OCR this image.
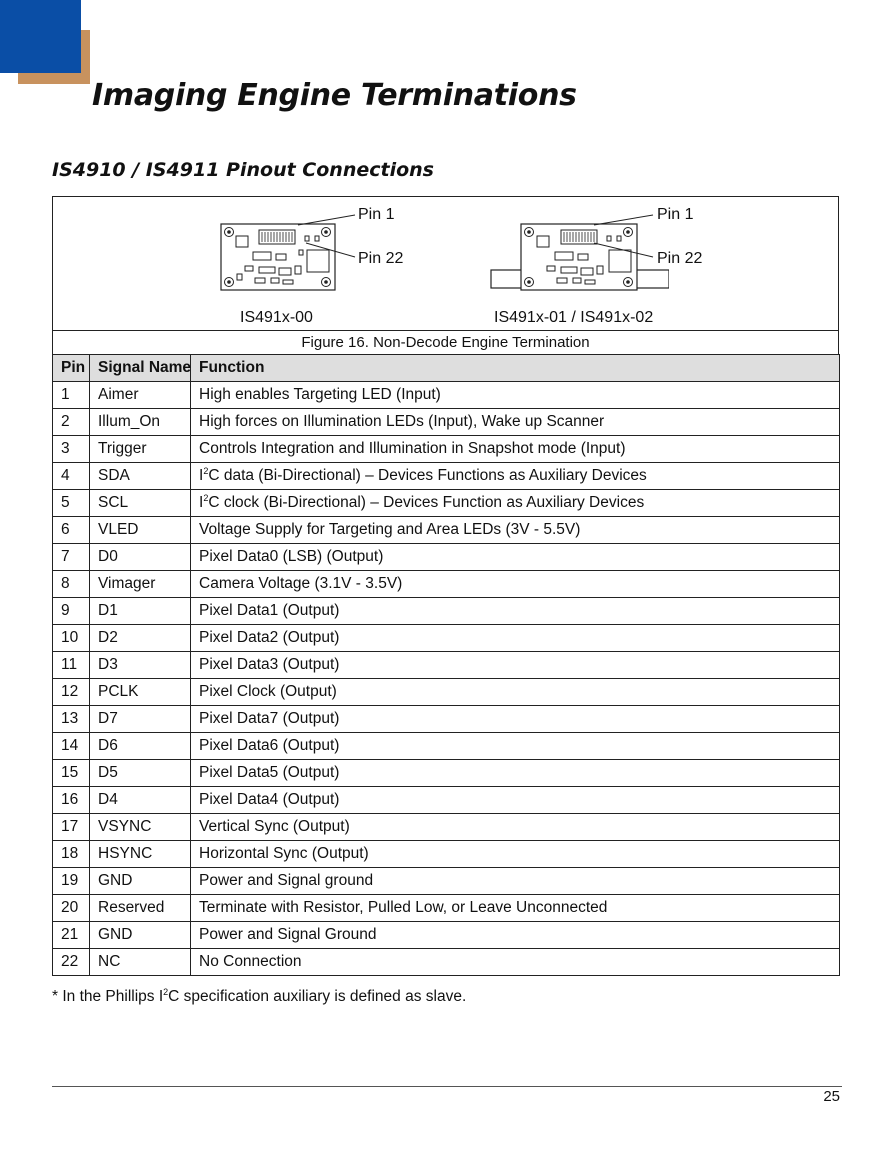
Imaging Engine Terminations
IS4910 / IS4911 Pinout Connections
Pin 1
Pin 22
Pin 1
Pin 22
IS491x-00	IS491x-01 / IS491x-02
Figure 16. Non-Decode Engine Termination
Pin	Signal Name	Function
1	Aimer	High enables Targeting LED (Input)
2	Illum_On	High forces on Illumination LEDs (Input), Wake up Scanner
3	Trigger	Controls Integration and Illumination in Snapshot mode (Input)
4	SDA	$I^2C$ data (Bi-Directional) – Devices Functions as Auxiliary Devices
5	SCL	$I^2C$ clock (Bi-Directional) – Devices Function as Auxiliary Devices
6	VLED	Voltage Supply for Targeting and Area LEDs (3V - 5.5V)
7	D0	Pixel Data0 (LSB) (Output)
8	Vimager	Camera Voltage (3.1V - 3.5V)
9	D1	Pixel Data1 (Output)
10	D2	Pixel Data2 (Output)
11	D3	Pixel Data3 (Output)
12	PCLK	Pixel Clock (Output)
13	D7	Pixel Data7 (Output)
14	D6	Pixel Data6 (Output)
15	D5	Pixel Data5 (Output)
16	D4	Pixel Data4 (Output)
17	VSYNC	Vertical Sync (Output)
18	HSYNC	Horizontal Sync (Output)
19	GND	Power and Signal ground
20	Reserved	Terminate with Resistor, Pulled Low, or Leave Unconnected
21	GND	Power and Signal Ground
22	NC	No Connection

* In the Phillips $I^2C$ specification auxiliary is defined as slave.

25
